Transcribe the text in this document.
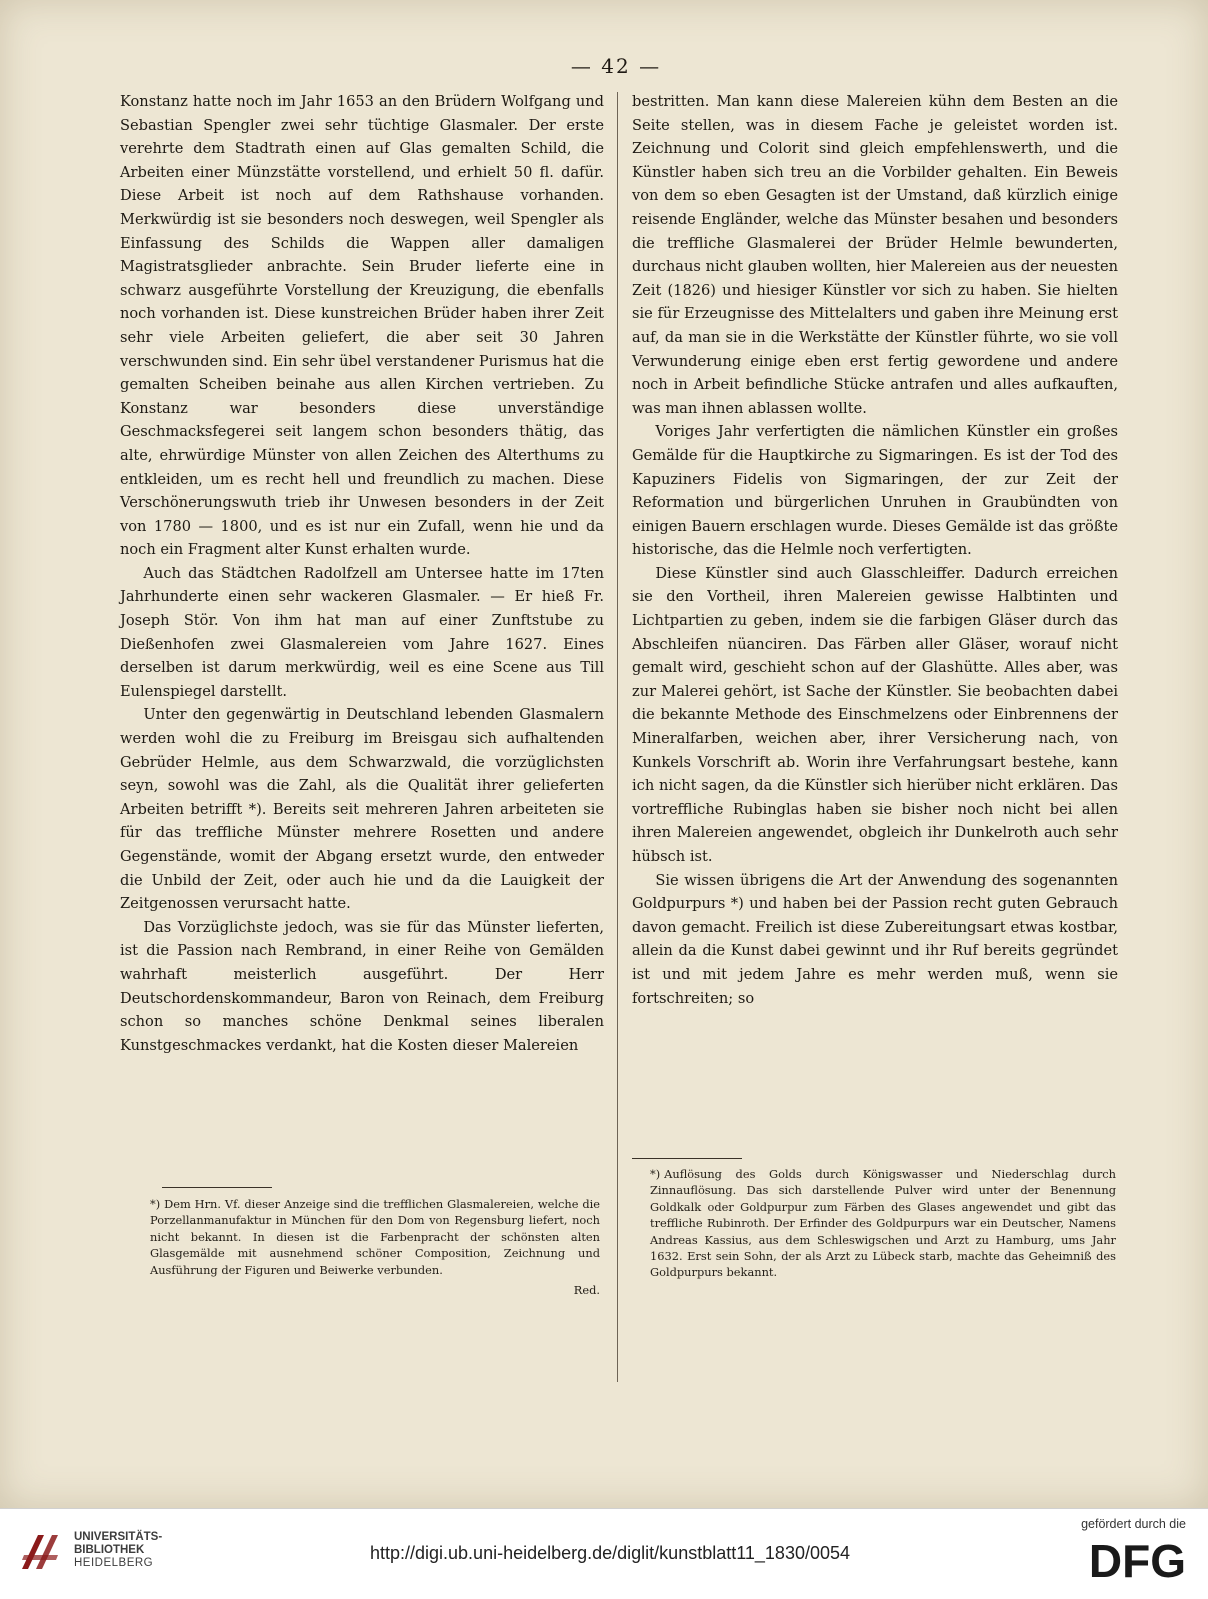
— 42 —

Konstanz hatte noch im Jahr 1653 an den Brüdern Wolfgang und Sebastian Spengler zwei sehr tüchtige Glasmaler. Der erste verehrte dem Stadtrath einen auf Glas gemalten Schild, die Arbeiten einer Münzstätte vorstellend, und erhielt 50 fl. dafür. Diese Arbeit ist noch auf dem Rathshause vorhanden. Merkwürdig ist sie besonders noch deswegen, weil Spengler als Einfassung des Schilds die Wappen aller damaligen Magistratsglieder anbrachte. Sein Bruder lieferte eine in schwarz ausgeführte Vorstellung der Kreuzigung, die ebenfalls noch vorhanden ist. Diese kunstreichen Brüder haben ihrer Zeit sehr viele Arbeiten geliefert, die aber seit 30 Jahren verschwunden sind. Ein sehr übel verstandener Purismus hat die gemalten Scheiben beinahe aus allen Kirchen vertrieben. Zu Konstanz war besonders diese unverständige Geschmacksfegerei seit langem schon besonders thätig, das alte, ehrwürdige Münster von allen Zeichen des Alterthums zu entkleiden, um es recht hell und freundlich zu machen. Diese Verschönerungswuth trieb ihr Unwesen besonders in der Zeit von 1780 — 1800, und es ist nur ein Zufall, wenn hie und da noch ein Fragment alter Kunst erhalten wurde.

Auch das Städtchen Radolfzell am Untersee hatte im 17ten Jahrhunderte einen sehr wackeren Glasmaler. — Er hieß Fr. Joseph Stör. Von ihm hat man auf einer Zunftstube zu Dießenhofen zwei Glasmalereien vom Jahre 1627. Eines derselben ist darum merkwürdig, weil es eine Scene aus Till Eulenspiegel darstellt.

Unter den gegenwärtig in Deutschland lebenden Glasmalern werden wohl die zu Freiburg im Breisgau sich aufhaltenden Gebrüder Helmle, aus dem Schwarzwald, die vorzüglichsten seyn, sowohl was die Zahl, als die Qualität ihrer gelieferten Arbeiten betrifft *). Bereits seit mehreren Jahren arbeiteten sie für das treffliche Münster mehrere Rosetten und andere Gegenstände, womit der Abgang ersetzt wurde, den entweder die Unbild der Zeit, oder auch hie und da die Lauigkeit der Zeitgenossen verursacht hatte.

Das Vorzüglichste jedoch, was sie für das Münster lieferten, ist die Passion nach Rembrand, in einer Reihe von Gemälden wahrhaft meisterlich ausgeführt. Der Herr Deutschordenskommandeur, Baron von Reinach, dem Freiburg schon so manches schöne Denkmal seines liberalen Kunstgeschmackes verdankt, hat die Kosten dieser Malereien

bestritten. Man kann diese Malereien kühn dem Besten an die Seite stellen, was in diesem Fache je geleistet worden ist. Zeichnung und Colorit sind gleich empfehlenswerth, und die Künstler haben sich treu an die Vorbilder gehalten. Ein Beweis von dem so eben Gesagten ist der Umstand, daß kürzlich einige reisende Engländer, welche das Münster besahen und besonders die treffliche Glasmalerei der Brüder Helmle bewunderten, durchaus nicht glauben wollten, hier Malereien aus der neuesten Zeit (1826) und hiesiger Künstler vor sich zu haben. Sie hielten sie für Erzeugnisse des Mittelalters und gaben ihre Meinung erst auf, da man sie in die Werkstätte der Künstler führte, wo sie voll Verwunderung einige eben erst fertig gewordene und andere noch in Arbeit befindliche Stücke antrafen und alles aufkauften, was man ihnen ablassen wollte.

Voriges Jahr verfertigten die nämlichen Künstler ein großes Gemälde für die Hauptkirche zu Sigmaringen. Es ist der Tod des Kapuziners Fidelis von Sigmaringen, der zur Zeit der Reformation und bürgerlichen Unruhen in Graubündten von einigen Bauern erschlagen wurde. Dieses Gemälde ist das größte historische, das die Helmle noch verfertigten.

Diese Künstler sind auch Glasschleiffer. Dadurch erreichen sie den Vortheil, ihren Malereien gewisse Halbtinten und Lichtpartien zu geben, indem sie die farbigen Gläser durch das Abschleifen nüanciren. Das Färben aller Gläser, worauf nicht gemalt wird, geschieht schon auf der Glashütte. Alles aber, was zur Malerei gehört, ist Sache der Künstler. Sie beobachten dabei die bekannte Methode des Einschmelzens oder Einbrennens der Mineralfarben, weichen aber, ihrer Versicherung nach, von Kunkels Vorschrift ab. Worin ihre Verfahrungsart bestehe, kann ich nicht sagen, da die Künstler sich hierüber nicht erklären. Das vortreffliche Rubinglas haben sie bisher noch nicht bei allen ihren Malereien angewendet, obgleich ihr Dunkelroth auch sehr hübsch ist.

Sie wissen übrigens die Art der Anwendung des sogenannten Goldpurpurs *) und haben bei der Passion recht guten Gebrauch davon gemacht. Freilich ist diese Zubereitungsart etwas kostbar, allein da die Kunst dabei gewinnt und ihr Ruf bereits gegründet ist und mit jedem Jahre es mehr werden muß, wenn sie fortschreiten; so

*) Dem Hrn. Vf. dieser Anzeige sind die trefflichen Glasmalereien, welche die Porzellanmanufaktur in München für den Dom von Regensburg liefert, noch nicht bekannt. In diesen ist die Farbenpracht der schönsten alten Glasgemälde mit ausnehmend schöner Composition, Zeichnung und Ausführung der Figuren und Beiwerke verbunden.
Red.
*) Auflösung des Golds durch Königswasser und Niederschlag durch Zinnauflösung. Das sich darstellende Pulver wird unter der Benennung Goldkalk oder Goldpurpur zum Färben des Glases angewendet und gibt das treffliche Rubinroth. Der Erfinder des Goldpurpurs war ein Deutscher, Namens Andreas Kassius, aus dem Schleswigschen und Arzt zu Hamburg, ums Jahr 1632. Erst sein Sohn, der als Arzt zu Lübeck starb, machte das Geheimniß des Goldpurpurs bekannt.
UNIVERSITÄTS-
BIBLIOTHEK
HEIDELBERG	http://digi.ub.uni-heidelberg.de/diglit/kunstblatt11_1830/0054
gefördert durch die
DFG
